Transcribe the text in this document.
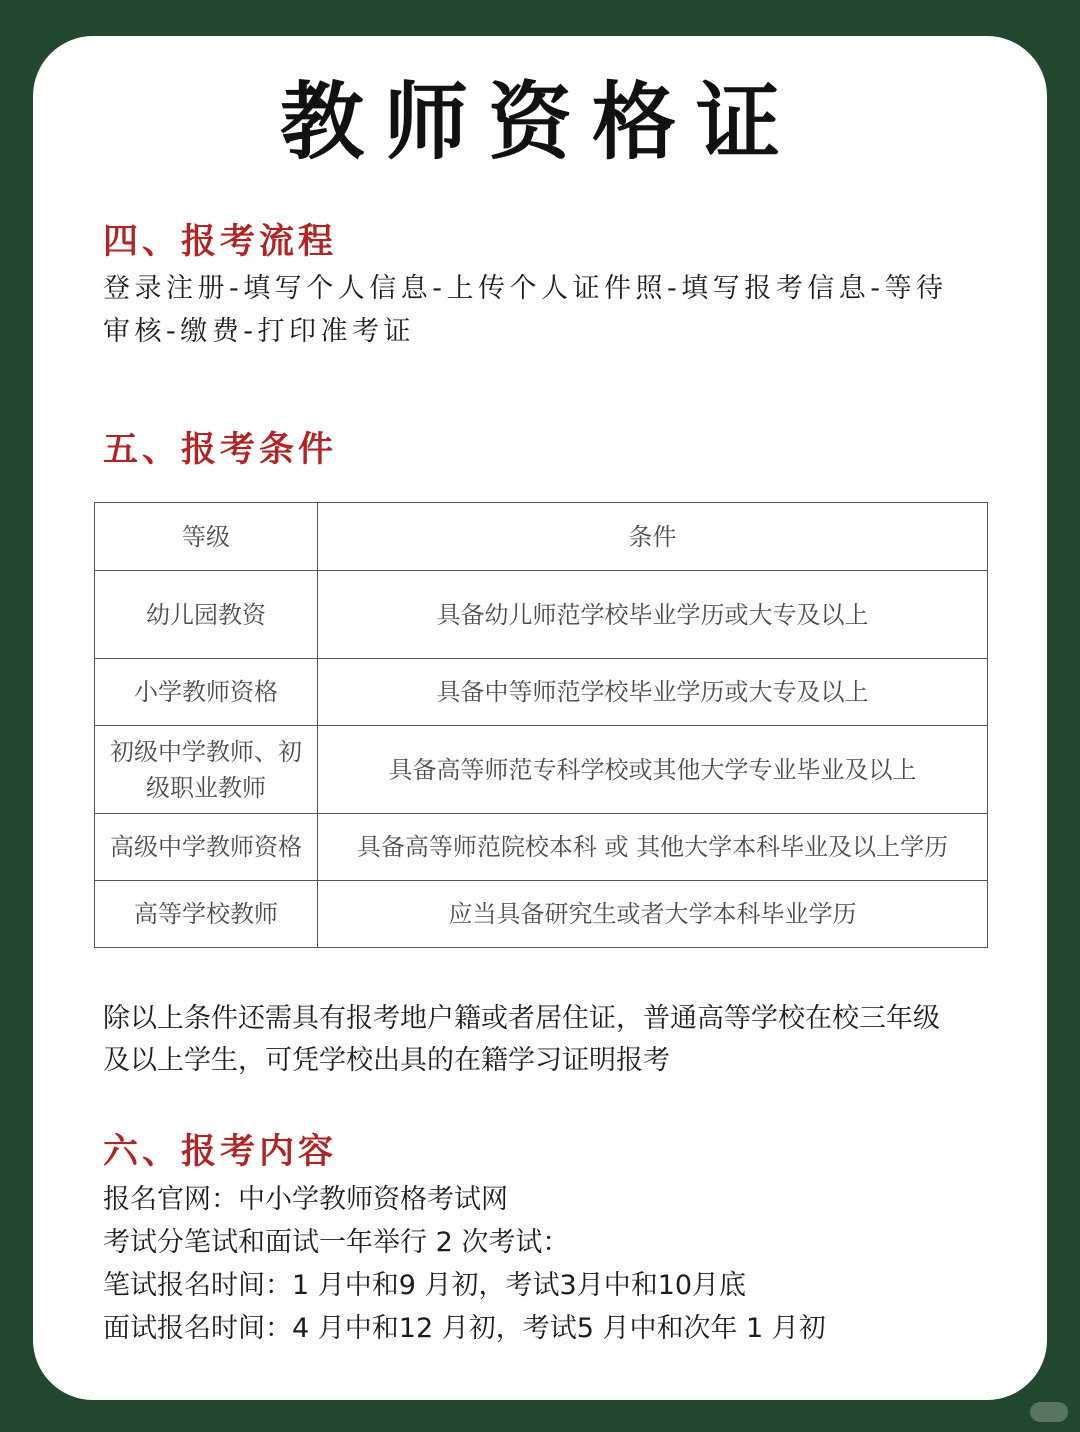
教师资格证
四、报考流程
登录注册-填写个人信息-上传个人证件照-填写报考信息-等待
审核-缴费-打印准考证
五、报考条件
等级	条件
幼儿园教资	具备幼儿师范学校毕业学历或大专及以上
小学教师资格	具备中等师范学校毕业学历或大专及以上
初级中学教师、初级职业教师	具备高等师范专科学校或其他大学专业毕业及以上
高级中学教师资格	具备高等师范院校本科 或 其他大学本科毕业及以上学历
高等学校教师	应当具备研究生或者大学本科毕业学历
除以上条件还需具有报考地户籍或者居住证，普通高等学校在校三年级
及以上学生，可凭学校出具的在籍学习证明报考
六、报考内容
报名官网：中小学教师资格考试网
考试分笔试和面试一年举行 2 次考试：
笔试报名时间：1 月中和9 月初，考试3月中和10月底
面试报名时间：4 月中和12 月初，考试5 月中和次年 1 月初
